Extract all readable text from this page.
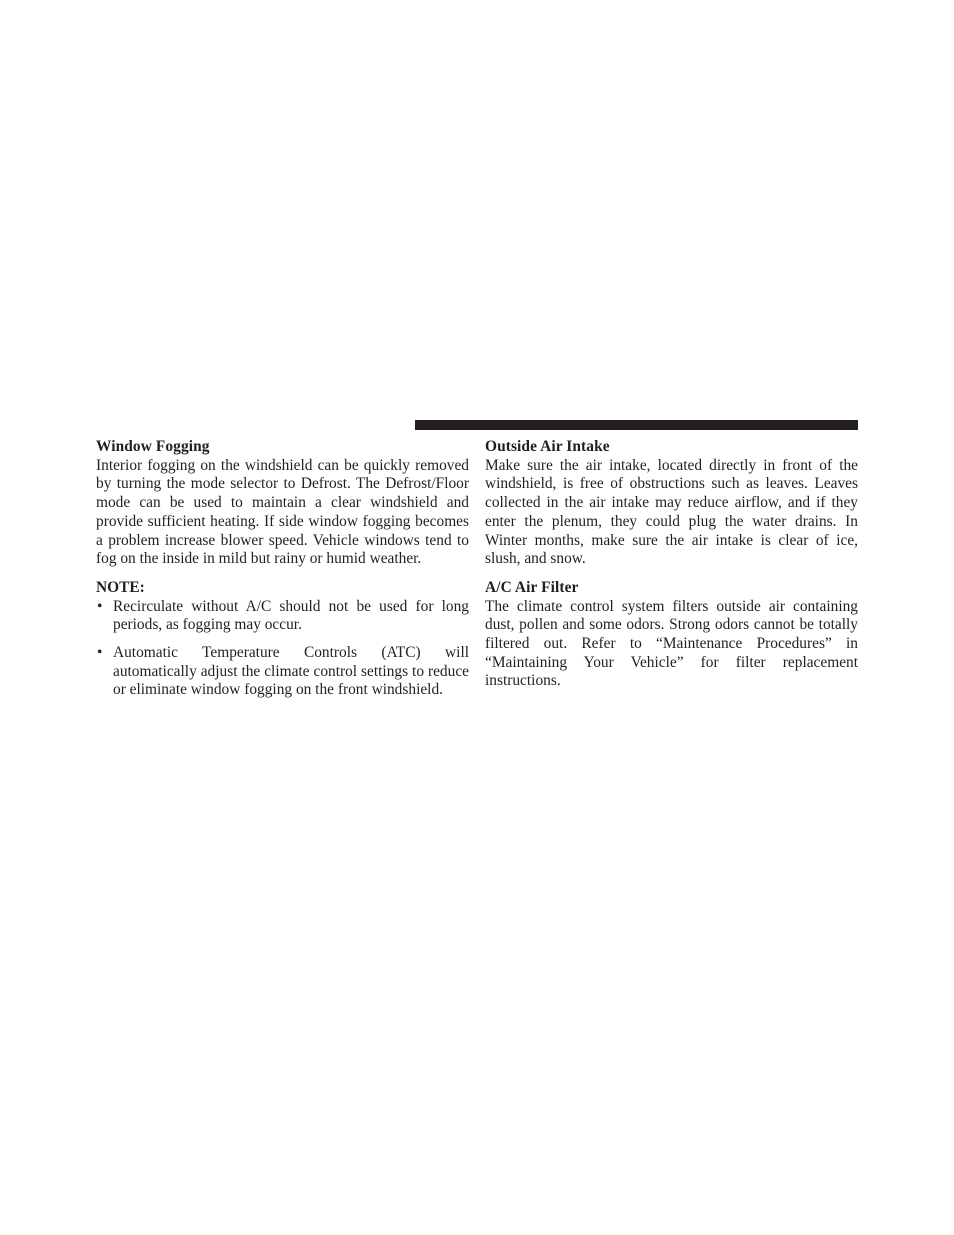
Window Fogging

Interior fogging on the windshield can be quickly removed by turning the mode selector to Defrost. The Defrost/Floor mode can be used to maintain a clear windshield and provide sufficient heating. If side window fogging becomes a problem increase blower speed. Vehicle windows tend to fog on the inside in mild but rainy or humid weather.

NOTE:

• Recirculate without A/C should not be used for long periods, as fogging may occur.
• Automatic Temperature Controls (ATC) will automatically adjust the climate control settings to reduce or eliminate window fogging on the front windshield.

Outside Air Intake

Make sure the air intake, located directly in front of the windshield, is free of obstructions such as leaves. Leaves collected in the air intake may reduce airflow, and if they enter the plenum, they could plug the water drains. In Winter months, make sure the air intake is clear of ice, slush, and snow.

A/C Air Filter

The climate control system filters outside air containing dust, pollen and some odors. Strong odors cannot be totally filtered out. Refer to “Maintenance Procedures” in “Maintaining Your Vehicle” for filter replacement instructions.
